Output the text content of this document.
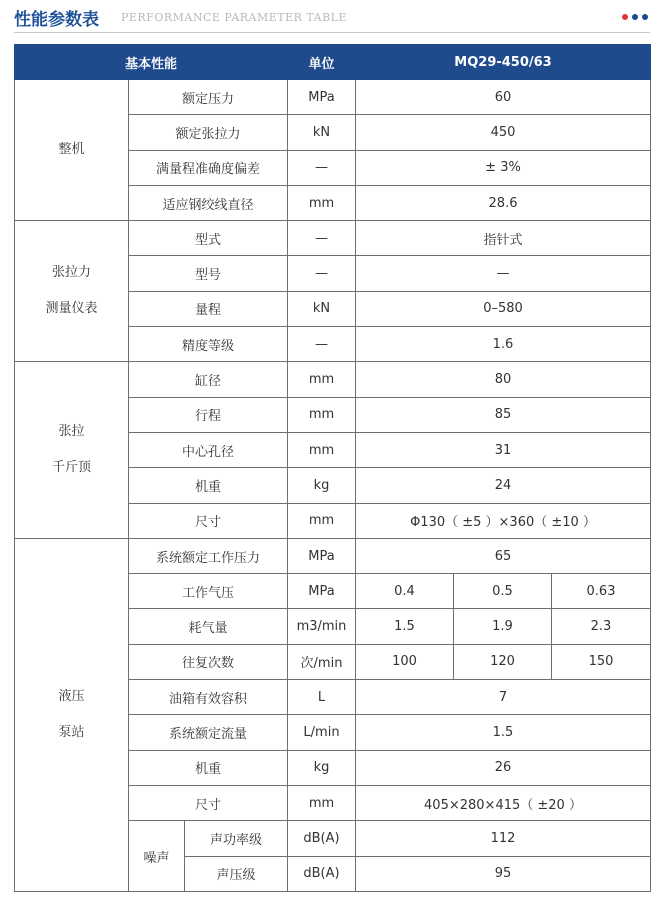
性能参数表 PERFORMANCE PARAMETER TABLE
基本性能			单位	MQ29-450/63		
整机	额定压力		MPa	60		
	额定张拉力		kN	450		
	满量程准确度偏差		—	± 3%		
	适应钢绞线直径		mm	28.6		

张拉力
测量仪表	型式		—	指针式		
	型号		—	—		
	量程		kN	0–580		
	精度等级		—	1.6		

张拉
千斤顶	缸径		mm	80		
	行程		mm	85		
	中心孔径		mm	31		
	机重		kg	24		
	尺寸		mm	Φ130（ ±5 ）×360（ ±10 ）		

液压
泵站	系统额定工作压力		MPa	65		
	工作气压		MPa	0.4	0.5	0.63
	耗气量		m3/min	1.5	1.9	2.3
	往复次数		次/min	100	120	150
	油箱有效容积		L	7		
	系统额定流量		L/min	1.5		
	机重		kg	26		
	尺寸		mm	405×280×415（ ±20 ）		
	噪声	声功率级	dB(A)	112		
		声压级	dB(A)	95		
